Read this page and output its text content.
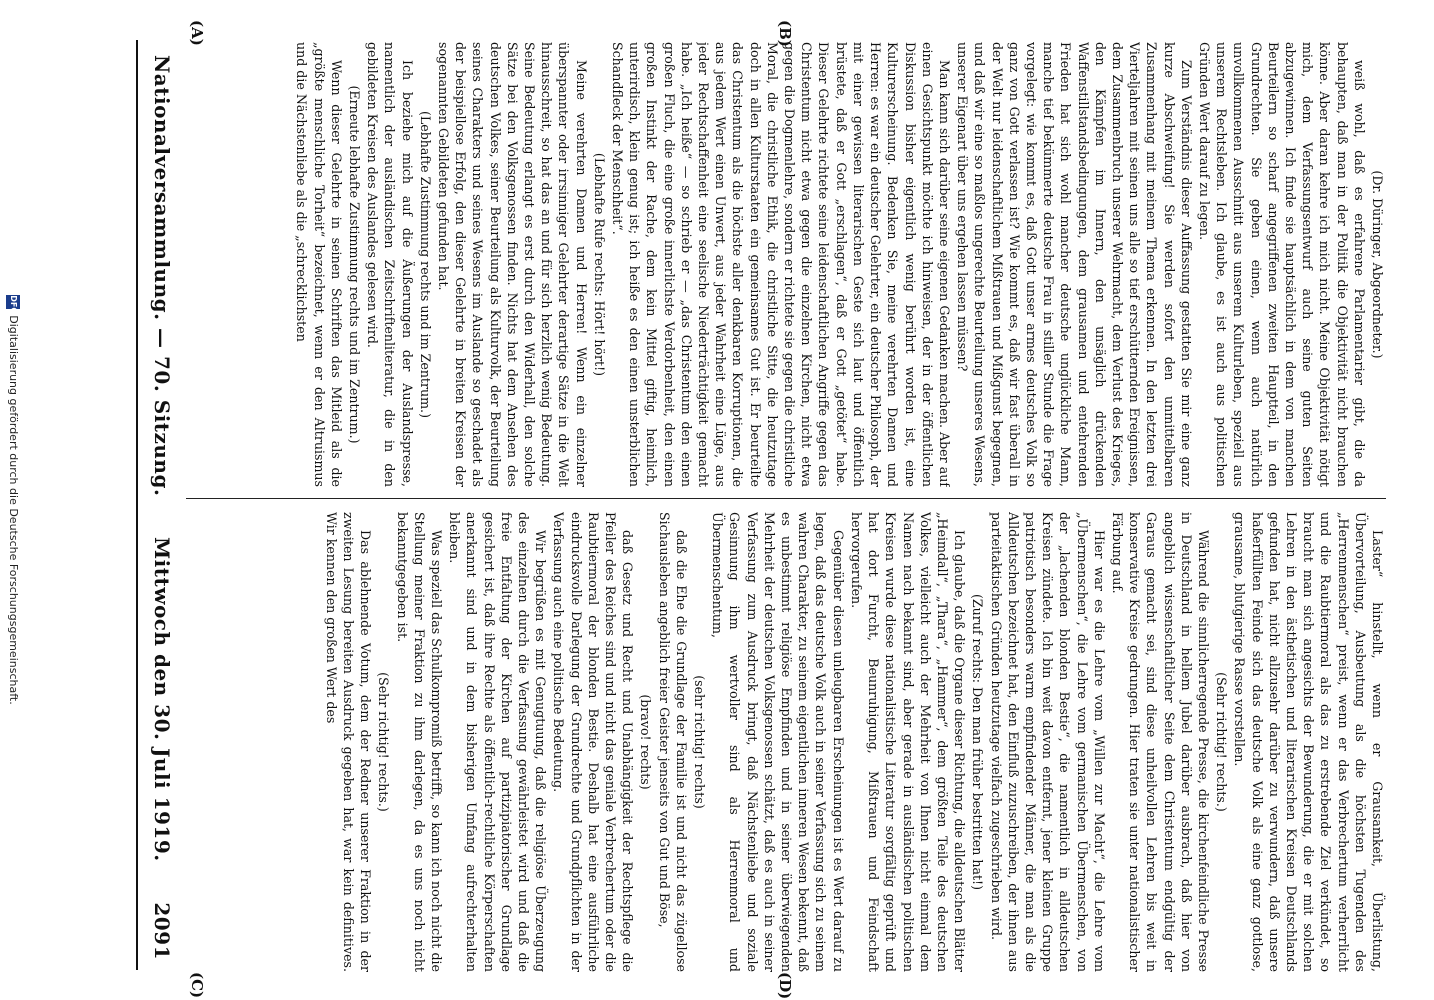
Nationalversammlung. — 70. Sitzung.
Mittwoch den 30. Juli 1919.
2091
(A)	(B)
(C)	(D)

(Dr. Düringer, Abgeordneter.)

weiß wohl, daß es erfahrene Parlamentarier gibt, die da behaupten, daß man in der Politik die Objektivität nicht brauchen könne. Aber daran kehre ich mich nicht. Meine Objektivität nötigt mich, dem Verfassungsentwurf auch seine guten Seiten abzugewinnen. Ich finde sie hauptsächlich in dem von manchen Beurteilern so scharf angegriffenen zweiten Hauptteil, in den Grundrechten. Sie geben einen, wenn auch natürlich unvollkommenen Ausschnitt aus unserem Kulturleben, speziell aus unserem Rechtsleben. Ich glaube, es ist auch aus politischen Gründen Wert darauf zu legen.

Zum Verständnis dieser Auffassung gestatten Sie mir eine ganz kurze Abschweifung! Sie werden sofort den unmittelbaren Zusammenhang mit meinem Thema erkennen. In den letzten drei Vierteljahren mit seinen uns alle so tief erschütternden Ereignissen, dem Zusammenbruch unserer Wehrmacht, dem Verlust des Krieges, den Kämpfen im Innern, den unsäglich drückenden Waffenstillstandsbedingungen, dem grausamen und entehrenden Frieden hat sich wohl mancher deutsche unglückliche Mann, manche tief bekümmerte deutsche Frau in stiller Stunde die Frage vorgelegt: wie kommt es, daß Gott unser armes deutsches Volk so ganz von Gott verlassen ist? Wie kommt es, daß wir fast überall in der Welt nur leidenschaftlichem Mißtrauen und Mißgunst begegnen, und daß wir eine so maßlos ungerechte Beurteilung unseres Wesens, unserer Eigenart über uns ergehen lassen müssen?

Man kann sich darüber seine eigenen Gedanken machen. Aber auf einen Gesichtspunkt möchte ich hinweisen, der in der öffentlichen Diskussion bisher eigentlich wenig berührt worden ist, eine Kulturerscheinung. Bedenken Sie, meine verehrten Damen und Herren: es war ein deutscher Gelehrter, ein deutscher Philosoph, der mit einer gewissen literarischen Geste sich laut und öffentlich brüstete, daß er Gott „erschlagen“, daß er Gott „getötet“ habe. Dieser Gelehrte richtete seine leidenschaftlichen Angriffe gegen das Christentum nicht etwa gegen die einzelnen Kirchen, nicht etwa gegen die Dogmenlehre, sondern er richtete sie gegen die christliche Moral, die christliche Ethik, die christliche Sitte, die heutzutage doch in allen Kulturstaaten ein gemeinsames Gut ist. Er beurteilte das Christentum als die höchste aller denkbaren Korruptionen, die aus jedem Wert einen Unwert, aus jeder Wahrheit eine Lüge, aus jeder Rechtschaffenheit eine seelische Niederträchtigkeit gemacht habe. „Ich heiße“ — so schrieb er — „das Christentum den einen großen Fluch, die eine große innerlichste Verdorbenheit, den einen großen Instinkt der Rache, dem kein Mittel giftig, heimlich, unterirdisch, klein genug ist; ich heiße es den einen unsterblichen Schandfleck der Menschheit“.

(Lebhafte Rufe rechts: Hört! hört!)

Meine verehrten Damen und Herren! Wenn ein einzelner überspannter oder irrsinniger Gelehrter derartige Sätze in die Welt hinausschreit, so hat das an und für sich herzlich wenig Bedeutung. Seine Bedeutung erlangt es erst durch den Widerhall, den solche Sätze bei den Volksgenossen finden. Nichts hat dem Ansehen des deutschen Volkes, seiner Beurteilung als Kulturvolk, der Beurteilung seines Charakters und seines Wesens im Auslande so geschadet als der beispiellose Erfolg, den dieser Gelehrte in breiten Kreisen der sogenannten Gebildeten gefunden hat.

(Lebhafte Zustimmung rechts und im Zentrum.)

Ich beziehe mich auf die Äußerungen der Auslandspresse, namentlich der ausländischen Zeitschriftenliteratur, die in den gebildeten Kreisen des Auslandes gelesen wird.

(Erneute lebhafte Zustimmung rechts und im Zentrum.)

Wenn dieser Gelehrte in seinen Schriften das Mitleid als die „größte menschliche Torheit“ bezeichnet, wenn er den Altruismus und die Nächstenliebe als die „schrecklichsten

Laster“ hinstellt, wenn er Grausamkeit, Überlistung, Übervorteilung, Ausbeutung als die höchsten Tugenden des „Herrenmenschen“ preist, wenn er das Verbrechertum verherrlicht und die Raubtiermoral als das zu erstrebende Ziel verkündet, so braucht man sich angesichts der Bewunderung, die er mit solchen Lehren in den ästhetischen und literarischen Kreisen Deutschlands gefunden hat, nicht allzusehr darüber zu verwundern, daß unsere haßerfüllten Feinde sich das deutsche Volk als eine ganz gottlose, grausame, blutgierige Rasse vorstellen.

(Sehr richtig! rechts.)

Während die sinnlicherregende Presse, die kirchenfeindliche Presse in Deutschland in hellem Jubel darüber ausbrach, daß hier von angeblich wissenschaftlicher Seite dem Christentum endgültig der Garaus gemacht sei, sind diese unheilvollen Lehren bis weit in konservative Kreise gedrungen. Hier traten sie unter nationalistischer Färbung auf.

Hier war es die Lehre vom „Willen zur Macht“, die Lehre vom „Übermenschen“, die Lehre vom germanischen Übermenschen, von der „lachenden blonden Bestie“, die namentlich in alldeutschen Kreisen zündete. Ich bin weit davon entfernt, jener kleinen Gruppe patriotisch besonders warm empfindender Männer, die man als die Alldeutschen bezeichnet hat, den Einfluß zuzuschreiben, der ihnen aus parteitaktischen Gründen heutzutage vielfach zugeschrieben wird.

(Zuruf rechts: Den man früher bestritten hat!)

Ich glaube, daß die Organe dieser Richtung, die alldeutschen Blätter „Heimdall“, „Thara“, „Hammer“, dem größten Teile des deutschen Volkes, vielleicht auch der Mehrheit von Ihnen nicht einmal dem Namen nach bekannt sind, aber gerade in ausländischen politischen Kreisen wurde diese nationalistische Literatur sorgfältig geprüft und hat dort Furcht, Beunruhigung, Mißtrauen und Feindschaft hervorgerufen.

Gegenüber diesen unleugbaren Erscheinungen ist es Wert darauf zu legen, daß das deutsche Volk auch in seiner Verfassung sich zu seinem wahren Charakter, zu seinem eigentlichen inneren Wesen bekennt, daß es unbestimmt religiöse Empfinden und in seiner überwiegenden Mehrheit der deutschen Volksgenossen schätzt, daß es auch in seiner Verfassung zum Ausdruck bringt, daß Nächstenliebe und soziale Gesinnung ihm wertvoller sind als Herrenmoral und Übermenschentum,

(sehr richtig! rechts)

daß die Ehe die Grundlage der Familie ist und nicht das zügellose Sichausleben angeblich freier Geister jenseits von Gut und Böse,

(bravo! rechts)

daß Gesetz und Recht und Unabhängigkeit der Rechtspflege die Pfeiler des Reiches sind und nicht das geniale Verbrechertum oder die Raubtiermoral der blonden Bestie. Deshalb hat eine ausführliche eindrucksvolle Darlegung der Grundrechte und Grundpflichten in der Verfassung auch eine politische Bedeutung.

Wir begrüßen es mit Genugtuung, daß die religiöse Überzeugung des einzelnen durch die Verfassung gewährleistet wird und daß die freie Entfaltung der Kirchen auf partizipiatorischer Grundlage gesichert ist, daß ihre Rechte als öffentlich-rechtliche Körperschaften anerkannt sind und in dem bisherigen Umfang aufrechterhalten bleiben.

Was speziell das Schulkompromiß betrifft, so kann ich noch nicht die Stellung meiner Fraktion zu ihm darlegen, da es uns noch nicht bekanntgegeben ist.

(Sehr richtig! rechts.)

Das ablehnende Votum, dem der Redner unserer Fraktion in der zweiten Lesung bereiten Ausdruck gegeben hat, war kein definitives. Wir kennen den großen Wert des

DFG
Digitalisierung gefördert durch die Deutsche Forschungsgemeinschaft.
